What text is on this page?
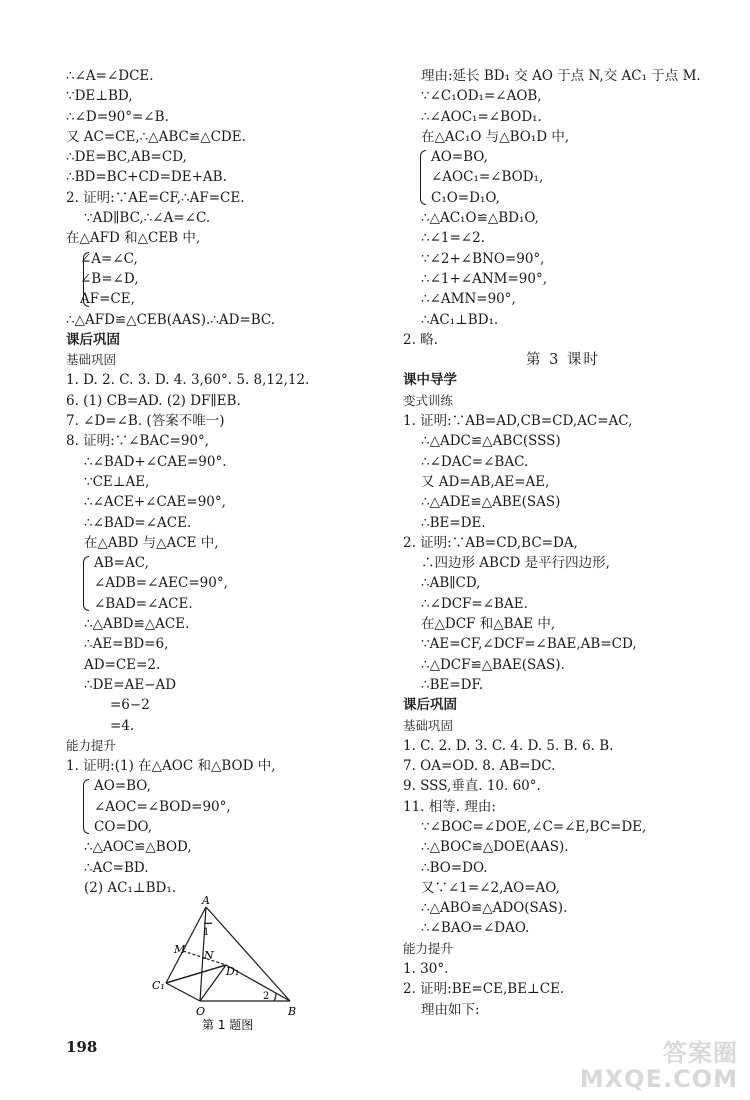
∴∠A=∠DCE.
∵DE⊥BD,
∴∠D=90°=∠B.
又 AC=CE,∴△ABC≌△CDE.
∴DE=BC,AB=CD,
∴BD=BC+CD=DE+AB.
2. 证明:∵AE=CF,∴AF=CE.
∵AD∥BC,∴∠A=∠C.
在△AFD 和△CEB 中,
∠A=∠C,
∠B=∠D,
AF=CE,
∴△AFD≌△CEB(AAS).∴AD=BC.
课后巩固
基础巩固
1. D. 2. C. 3. D. 4. 3,60°. 5. 8,12,12.
6. (1) CB=AD. (2) DF∥EB.
7. ∠D=∠B. (答案不唯一)
8. 证明:∵∠BAC=90°,
∴∠BAD+∠CAE=90°.
∵CE⊥AE,
∴∠ACE+∠CAE=90°,
∴∠BAD=∠ACE.
在△ABD 与△ACE 中,
AB=AC,
∠ADB=∠AEC=90°,
∠BAD=∠ACE.
∴△ABD≌△ACE.
∴AE=BD=6,
AD=CE=2.
∴DE=AE−AD
=6−2
=4.
能力提升
1. 证明:(1) 在△AOC 和△BOD 中,
AO=BO,
∠AOC=∠BOD=90°,
CO=DO,
∴△AOC≌△BOD,
∴AC=BD.
(2) AC₁⊥BD₁.
A
M N
C₁
D₁
O	B
1
2
第 1 题图
理由:延长 BD₁ 交 AO 于点 N,交 AC₁ 于点 M.
∵∠C₁OD₁=∠AOB,
∴∠AOC₁=∠BOD₁.
在△AC₁O 与△BO₁D 中,
AO=BO,
∠AOC₁=∠BOD₁,
C₁O=D₁O,
∴△AC₁O≌△BD₁O,
∴∠1=∠2.
∵∠2+∠BNO=90°,
∴∠1+∠ANM=90°,
∴∠AMN=90°,
∴AC₁⊥BD₁.
2. 略.
第 3 课时
课中导学
变式训练
1. 证明:∵AB=AD,CB=CD,AC=AC,
∴△ADC≌△ABC(SSS)
∴∠DAC=∠BAC.
又 AD=AB,AE=AE,
∴△ADE≌△ABE(SAS)
∴BE=DE.
2. 证明:∵AB=CD,BC=DA,
∴四边形 ABCD 是平行四边形,
∴AB∥CD,
∴∠DCF=∠BAE.
在△DCF 和△BAE 中,
∵AE=CF,∠DCF=∠BAE,AB=CD,
∴△DCF≌△BAE(SAS).
∴BE=DF.
课后巩固
基础巩固
1. C. 2. D. 3. C. 4. D. 5. B. 6. B.
7. OA=OD. 8. AB=DC.
9. SSS,垂直. 10. 60°.
11. 相等. 理由:
∵∠BOC=∠DOE,∠C=∠E,BC=DE,
∴△BOC≌△DOE(AAS).
∴BO=DO.
又∵∠1=∠2,AO=AO,
∴△ABO≌△ADO(SAS).
∴∠BAO=∠DAO.
能力提升
1. 30°.
2. 证明:BE=CE,BE⊥CE.
理由如下:
198	答案圈
MXQE.COM
